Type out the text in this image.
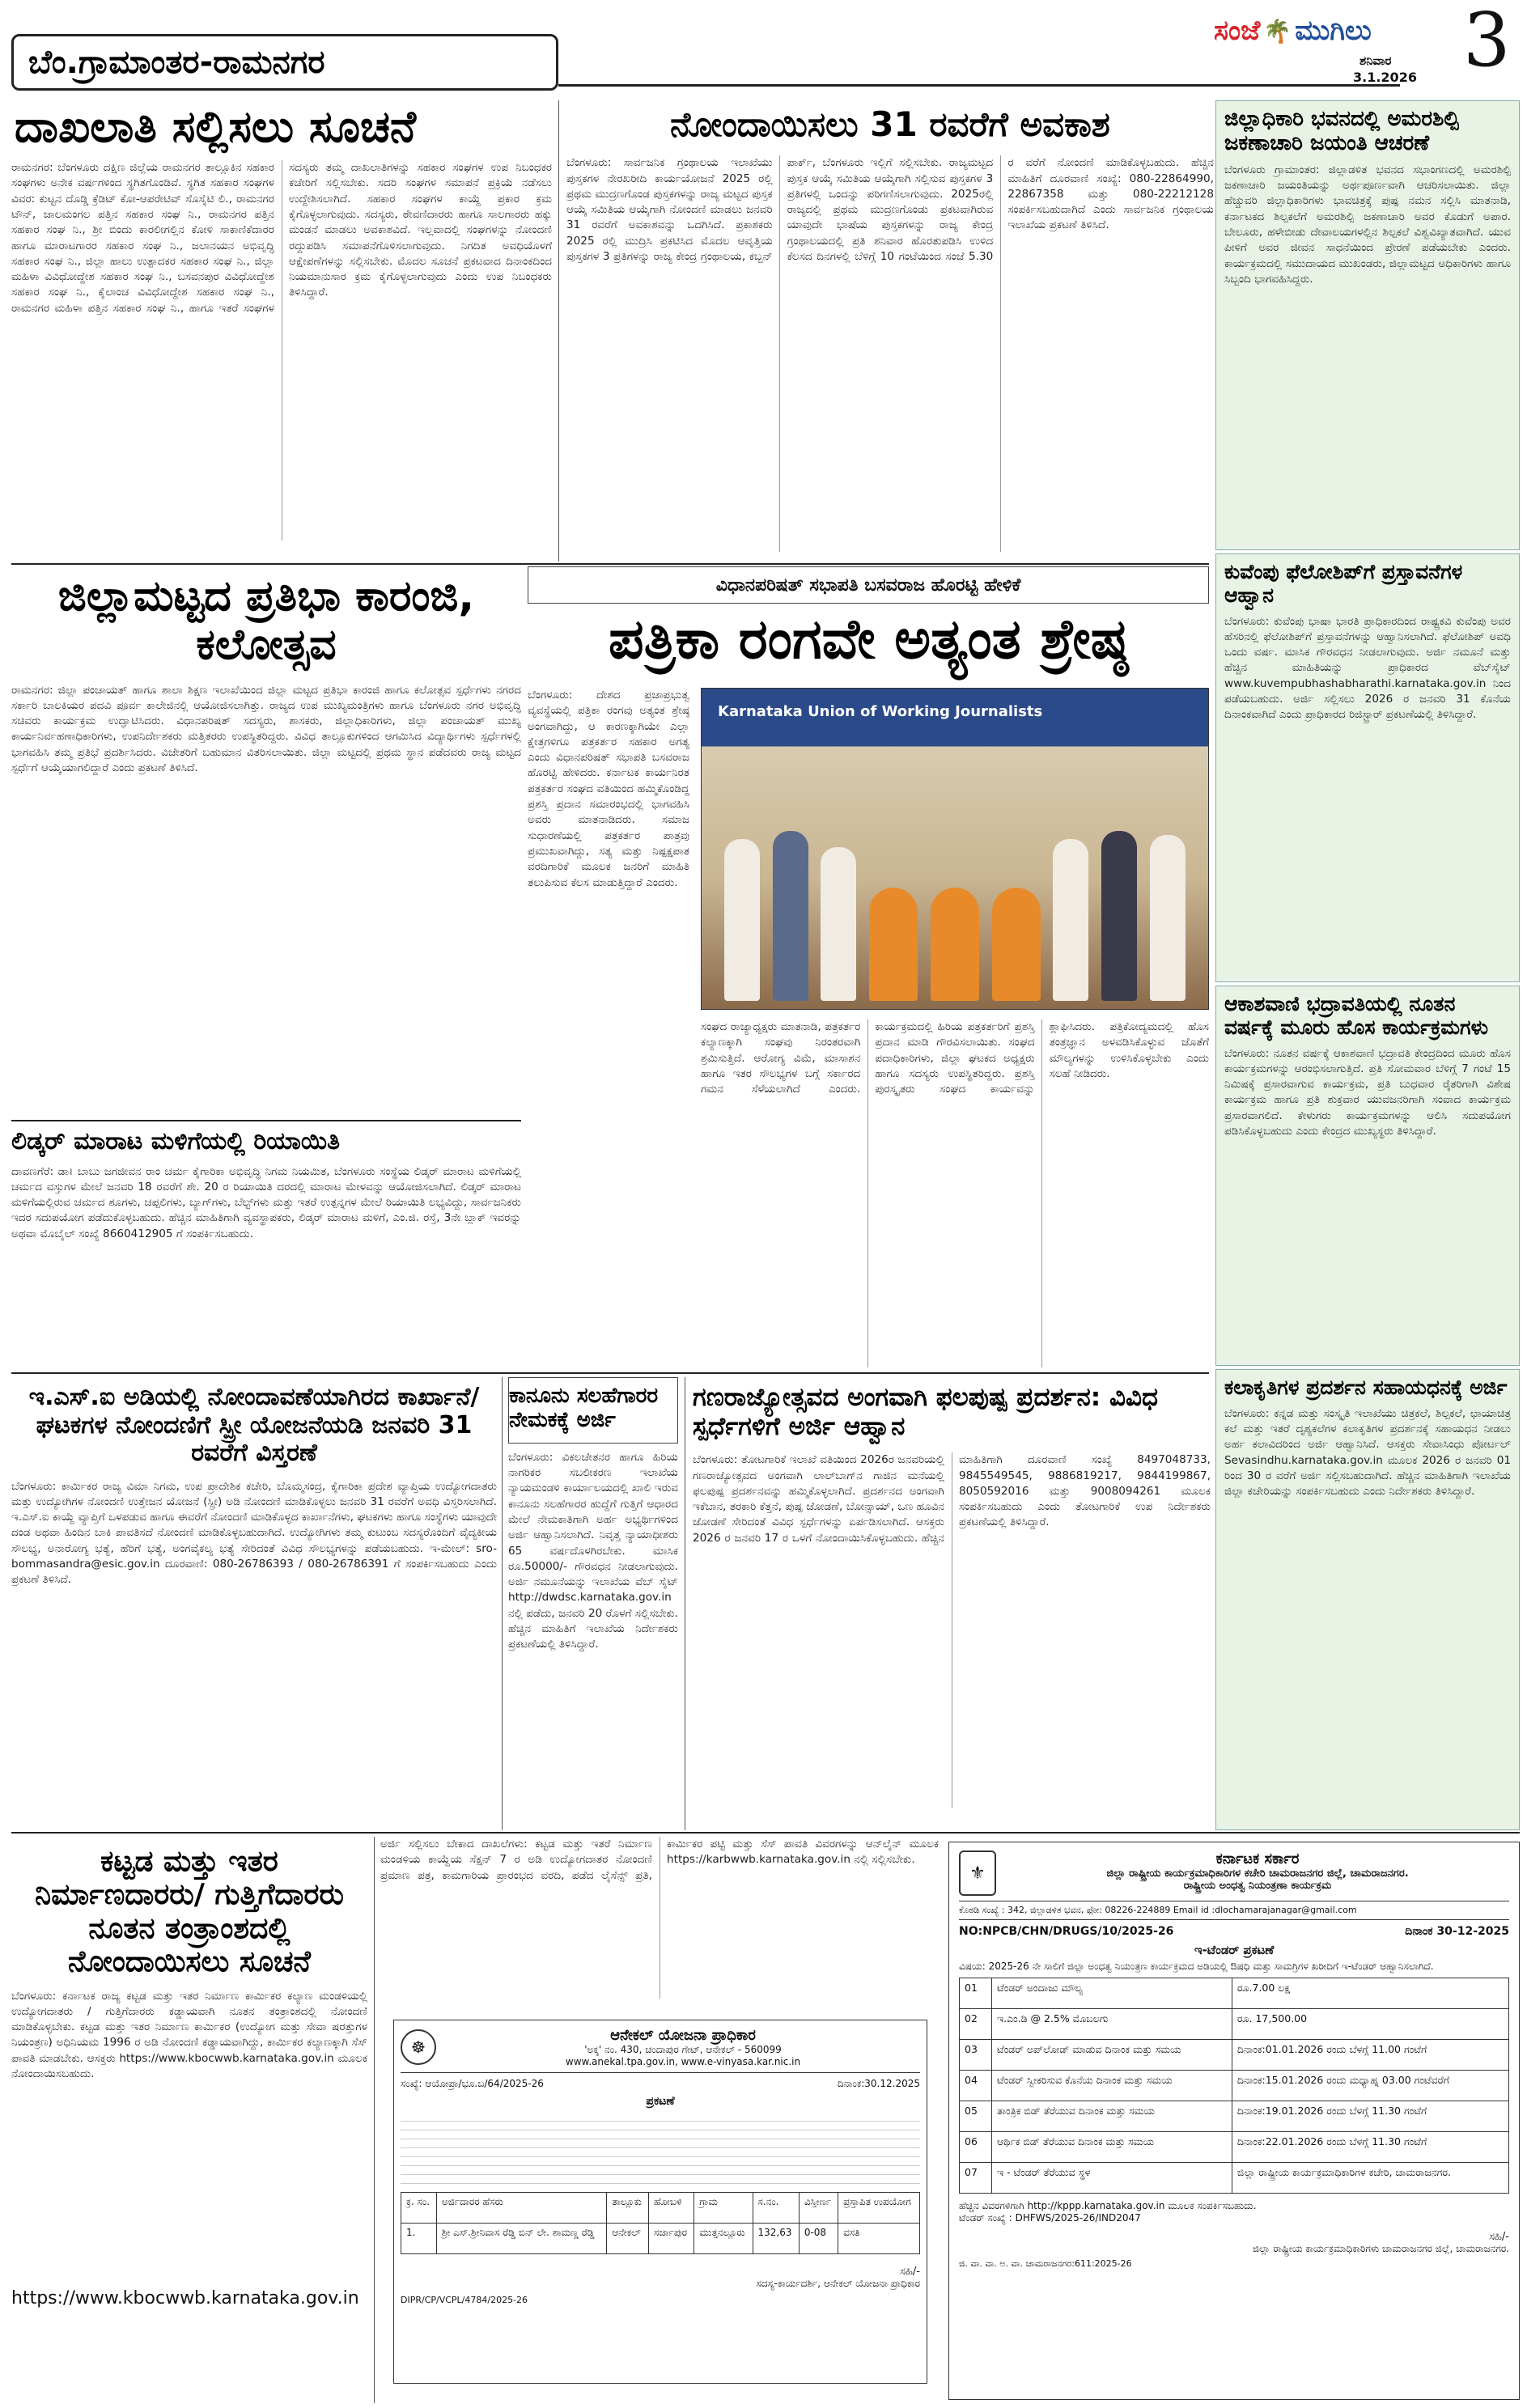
ಬೆಂ.ಗ್ರಾಮಾಂತರ-ರಾಮನಗರ
ಸಂಜೆ 🌴 ಮುಗಿಲು
ಶನಿವಾರ
3.1.2026 3
ದಾಖಲಾತಿ ಸಲ್ಲಿಸಲು ಸೂಚನೆ
ರಾಮನಗರ: ಬೆಂಗಳೂರು ದಕ್ಷಿಣ ಜಿಲ್ಲೆಯ ರಾಮನಗರ ತಾಲ್ಲೂಕಿನ ಸಹಕಾರ ಸಂಘಗಳು ಅನೇಕ ವರ್ಷಗಳಿಂದ ಸ್ಥಗಿತಗೊಂಡಿವೆ. ಸ್ಥಗಿತ ಸಹಕಾರ ಸಂಘಗಳ ವಿವರ: ಕುಟ್ಟನ ದೊಡ್ಡಿ ಕ್ರೆಡಿಟ್ ಕೋ-ಆಪರೇಟಿವ್ ಸೊಸೈಟಿ ಲಿ., ರಾಮನಗರ ಟೌನ್, ಜಾಲಮಂಗಲ ಪತ್ತಿನ ಸಹಕಾರ ಸಂಘ ನಿ., ರಾಮನಗರ ಪತ್ತಿನ ಸಹಕಾರ ಸಂಘ ನಿ., ಶ್ರೀ ಬಿಂದು ಕಾರಲೀಗಲ್ಲಿನ ಕೋಳಿ ಸಾಕಾಣಿಕೆದಾರರ ಹಾಗೂ ಮಾರಾಟಗಾರರ ಸಹಕಾರ ಸಂಘ ನಿ., ಜಲಾನಯನ ಅಭಿವೃದ್ಧಿ ಸಹಕಾರ ಸಂಘ ನಿ., ಜಿಲ್ಲಾ ಹಾಲು ಉತ್ಪಾದಕರ ಸಹಕಾರ ಸಂಘ ನಿ., ಜಿಲ್ಲಾ ಮಹಿಳಾ ವಿವಿಧೋದ್ದೇಶ ಸಹಕಾರ ಸಂಘ ನಿ., ಬಸವನಪುರ ವಿವಿಧೋದ್ದೇಶ ಸಹಕಾರ ಸಂಘ ನಿ., ಕೈಲಾಂಚ ವಿವಿಧೋದ್ದೇಶ ಸಹಕಾರ ಸಂಘ ನಿ., ರಾಮನಗರ ಮಹಿಳಾ ಪತ್ತಿನ ಸಹಕಾರ ಸಂಘ ನಿ., ಹಾಗೂ ಇತರೆ ಸಂಘಗಳ ಸದಸ್ಯರು ತಮ್ಮ ದಾಖಲಾತಿಗಳನ್ನು ಸಹಕಾರ ಸಂಘಗಳ ಉಪ ನಿಬಂಧಕರ ಕಚೇರಿಗೆ ಸಲ್ಲಿಸಬೇಕು. ಸದರಿ ಸಂಘಗಳ ಸಮಾಪನೆ ಪ್ರಕ್ರಿಯೆ ನಡೆಸಲು ಉದ್ದೇಶಿಸಲಾಗಿದೆ. ಸಹಕಾರ ಸಂಘಗಳ ಕಾಯ್ದೆ ಪ್ರಕಾರ ಕ್ರಮ ಕೈಗೊಳ್ಳಲಾಗುವುದು. ಸದಸ್ಯರು, ಠೇವಣಿದಾರರು ಹಾಗೂ ಸಾಲಗಾರರು ಹಕ್ಕು ಮಂಡನೆ ಮಾಡಲು ಅವಕಾಶವಿದೆ. ಇಲ್ಲವಾದಲ್ಲಿ ಸಂಘಗಳನ್ನು ನೋಂದಣಿ ರದ್ದುಪಡಿಸಿ ಸಮಾಪನೆಗೊಳಿಸಲಾಗುವುದು. ನಿಗದಿತ ಅವಧಿಯೊಳಗೆ ಆಕ್ಷೇಪಣೆಗಳನ್ನು ಸಲ್ಲಿಸಬೇಕು. ಮೊದಲ ಸೂಚನೆ ಪ್ರಕಟವಾದ ದಿನಾಂಕದಿಂದ ನಿಯಮಾನುಸಾರ ಕ್ರಮ ಕೈಗೊಳ್ಳಲಾಗುವುದು ಎಂದು ಉಪ ನಿಬಂಧಕರು ತಿಳಿಸಿದ್ದಾರೆ.
ನೋಂದಾಯಿಸಲು 31 ರವರೆಗೆ ಅವಕಾಶ
ಬೆಂಗಳೂರು: ಸಾರ್ವಜನಿಕ ಗ್ರಂಥಾಲಯ ಇಲಾಖೆಯು ಪುಸ್ತಕಗಳ ನೇರಖರೀದಿ ಕಾರ್ಯಯೋಜನೆ 2025 ರಲ್ಲಿ ಪ್ರಥಮ ಮುದ್ರಣಗೊಂಡ ಪುಸ್ತಕಗಳನ್ನು ರಾಜ್ಯ ಮಟ್ಟದ ಪುಸ್ತಕ ಆಯ್ಕೆ ಸಮಿತಿಯ ಆಯ್ಕೆಗಾಗಿ ನೋಂದಣಿ ಮಾಡಲು ಜನವರಿ 31 ರವರೆಗೆ ಅವಕಾಶವನ್ನು ಒದಗಿಸಿದೆ. ಪ್ರಕಾಶಕರು 2025 ರಲ್ಲಿ ಮುದ್ರಿಸಿ ಪ್ರಕಟಿಸಿದ ಮೊದಲ ಆವೃತ್ತಿಯ ಪುಸ್ತಕಗಳ 3 ಪ್ರತಿಗಳನ್ನು ರಾಜ್ಯ ಕೇಂದ್ರ ಗ್ರಂಥಾಲಯ, ಕಬ್ಬನ್ ಪಾರ್ಕ್, ಬೆಂಗಳೂರು ಇಲ್ಲಿಗೆ ಸಲ್ಲಿಸಬೇಕು. ರಾಜ್ಯಮಟ್ಟದ ಪುಸ್ತಕ ಆಯ್ಕೆ ಸಮಿತಿಯ ಆಯ್ಕೆಗಾಗಿ ಸಲ್ಲಿಸುವ ಪುಸ್ತಕಗಳ 3 ಪ್ರತಿಗಳಲ್ಲಿ ಒಂದನ್ನು ಪರಿಗಣಿಸಲಾಗುವುದು. 2025ರಲ್ಲಿ ರಾಜ್ಯದಲ್ಲಿ ಪ್ರಥಮ ಮುದ್ರಣಗೊಂಡು ಪ್ರಕಟವಾಗಿರುವ ಯಾವುದೇ ಭಾಷೆಯ ಪುಸ್ತಕಗಳನ್ನು ರಾಜ್ಯ ಕೇಂದ್ರ ಗ್ರಂಥಾಲಯದಲ್ಲಿ ಪ್ರತಿ ಶನಿವಾರ ಹೊರತುಪಡಿಸಿ ಉಳಿದ ಕೆಲಸದ ದಿನಗಳಲ್ಲಿ ಬೆಳಿಗ್ಗೆ 10 ಗಂಟೆಯಿಂದ ಸಂಜೆ 5.30 ರ ವರೆಗೆ ನೋಂದಣಿ ಮಾಡಿಕೊಳ್ಳಬಹುದು. ಹೆಚ್ಚಿನ ಮಾಹಿತಿಗೆ ದೂರವಾಣಿ ಸಂಖ್ಯೆ: 080-22864990, 22867358 ಮತ್ತು 080-22212128 ಸಂಪರ್ಕಿಸಬಹುದಾಗಿದೆ ಎಂದು ಸಾರ್ವಜನಿಕ ಗ್ರಂಥಾಲಯ ಇಲಾಖೆಯ ಪ್ರಕಟಣೆ ತಿಳಿಸಿದೆ.
ಜಿಲ್ಲಾಧಿಕಾರಿ ಭವನದಲ್ಲಿ ಅಮರಶಿಲ್ಪಿ ಜಕಣಾಚಾರಿ ಜಯಂತಿ ಆಚರಣೆ
ಬೆಂಗಳೂರು ಗ್ರಾಮಾಂತರ: ಜಿಲ್ಲಾಡಳಿತ ಭವನದ ಸಭಾಂಗಣದಲ್ಲಿ ಅಮರಶಿಲ್ಪಿ ಜಕಣಾಚಾರಿ ಜಯಂತಿಯನ್ನು ಅರ್ಥಪೂರ್ಣವಾಗಿ ಆಚರಿಸಲಾಯಿತು. ಜಿಲ್ಲಾ ಹೆಚ್ಚುವರಿ ಜಿಲ್ಲಾಧಿಕಾರಿಗಳು ಭಾವಚಿತ್ರಕ್ಕೆ ಪುಷ್ಪ ನಮನ ಸಲ್ಲಿಸಿ ಮಾತನಾಡಿ, ಕರ್ನಾಟಕದ ಶಿಲ್ಪಕಲೆಗೆ ಅಮರಶಿಲ್ಪಿ ಜಕಣಾಚಾರಿ ಅವರ ಕೊಡುಗೆ ಅಪಾರ. ಬೇಲೂರು, ಹಳೇಬೀಡು ದೇವಾಲಯಗಳಲ್ಲಿನ ಶಿಲ್ಪಕಲೆ ವಿಶ್ವವಿಖ್ಯಾತವಾಗಿದೆ. ಯುವ ಪೀಳಿಗೆ ಅವರ ಜೀವನ ಸಾಧನೆಯಿಂದ ಪ್ರೇರಣೆ ಪಡೆಯಬೇಕು ಎಂದರು. ಕಾರ್ಯಕ್ರಮದಲ್ಲಿ ಸಮುದಾಯದ ಮುಖಂಡರು, ಜಿಲ್ಲಾಮಟ್ಟದ ಅಧಿಕಾರಿಗಳು ಹಾಗೂ ಸಿಬ್ಬಂದಿ ಭಾಗವಹಿಸಿದ್ದರು.
ಜಿಲ್ಲಾಮಟ್ಟದ ಪ್ರತಿಭಾ ಕಾರಂಜಿ, ಕಲೋತ್ಸವ
ರಾಮನಗರ: ಜಿಲ್ಲಾ ಪಂಚಾಯತ್ ಹಾಗೂ ಶಾಲಾ ಶಿಕ್ಷಣ ಇಲಾಖೆಯಿಂದ ಜಿಲ್ಲಾ ಮಟ್ಟದ ಪ್ರತಿಭಾ ಕಾರಂಜಿ ಹಾಗೂ ಕಲೋತ್ಸವ ಸ್ಪರ್ಧೆಗಳು ನಗರದ ಸರ್ಕಾರಿ ಬಾಲಕಿಯರ ಪದವಿ ಪೂರ್ವ ಕಾಲೇಜಿನಲ್ಲಿ ಆಯೋಜಿಸಲಾಗಿತ್ತು. ರಾಜ್ಯದ ಉಪ ಮುಖ್ಯಮಂತ್ರಿಗಳು ಹಾಗೂ ಬೆಂಗಳೂರು ನಗರ ಅಭಿವೃದ್ಧಿ ಸಚಿವರು ಕಾರ್ಯಕ್ರಮ ಉದ್ಘಾಟಿಸಿದರು. ವಿಧಾನಪರಿಷತ್ ಸದಸ್ಯರು, ಶಾಸಕರು, ಜಿಲ್ಲಾಧಿಕಾರಿಗಳು, ಜಿಲ್ಲಾ ಪಂಚಾಯತ್ ಮುಖ್ಯ ಕಾರ್ಯನಿರ್ವಹಣಾಧಿಕಾರಿಗಳು, ಉಪನಿರ್ದೇಶಕರು ಮತ್ತಿತರರು ಉಪಸ್ಥಿತರಿದ್ದರು. ವಿವಿಧ ತಾಲ್ಲೂಕುಗಳಿಂದ ಆಗಮಿಸಿದ ವಿದ್ಯಾರ್ಥಿಗಳು ಸ್ಪರ್ಧೆಗಳಲ್ಲಿ ಭಾಗವಹಿಸಿ ತಮ್ಮ ಪ್ರತಿಭೆ ಪ್ರದರ್ಶಿಸಿದರು. ವಿಜೇತರಿಗೆ ಬಹುಮಾನ ವಿತರಿಸಲಾಯಿತು. ಜಿಲ್ಲಾ ಮಟ್ಟದಲ್ಲಿ ಪ್ರಥಮ ಸ್ಥಾನ ಪಡೆದವರು ರಾಜ್ಯ ಮಟ್ಟದ ಸ್ಪರ್ಧೆಗೆ ಆಯ್ಕೆಯಾಗಲಿದ್ದಾರೆ ಎಂದು ಪ್ರಕಟಣೆ ತಿಳಿಸಿದೆ.
ವಿಧಾನಪರಿಷತ್ ಸಭಾಪತಿ ಬಸವರಾಜ ಹೊರಟ್ಟಿ ಹೇಳಿಕೆ
ಪತ್ರಿಕಾ ರಂಗವೇ ಅತ್ಯಂತ ಶ್ರೇಷ್ಠ
ಬೆಂಗಳೂರು: ದೇಶದ ಪ್ರಜಾಪ್ರಭುತ್ವ ವ್ಯವಸ್ಥೆಯಲ್ಲಿ ಪತ್ರಿಕಾ ರಂಗವು ಅತ್ಯಂತ ಶ್ರೇಷ್ಠ ಅಂಗವಾಗಿದ್ದು, ಆ ಕಾರಣಕ್ಕಾಗಿಯೇ ಎಲ್ಲಾ ಕ್ಷೇತ್ರಗಳಿಗೂ ಪತ್ರಕರ್ತರ ಸಹಕಾರ ಅಗತ್ಯ ಎಂದು ವಿಧಾನಪರಿಷತ್ ಸಭಾಪತಿ ಬಸವರಾಜ ಹೊರಟ್ಟಿ ಹೇಳಿದರು. ಕರ್ನಾಟಕ ಕಾರ್ಯನಿರತ ಪತ್ರಕರ್ತರ ಸಂಘದ ವತಿಯಿಂದ ಹಮ್ಮಿಕೊಂಡಿದ್ದ ಪ್ರಶಸ್ತಿ ಪ್ರದಾನ ಸಮಾರಂಭದಲ್ಲಿ ಭಾಗವಹಿಸಿ ಅವರು ಮಾತನಾಡಿದರು. ಸಮಾಜ ಸುಧಾರಣೆಯಲ್ಲಿ ಪತ್ರಕರ್ತರ ಪಾತ್ರವು ಪ್ರಮುಖವಾಗಿದ್ದು, ಸತ್ಯ ಮತ್ತು ನಿಷ್ಪಕ್ಷಪಾತ ವರದಿಗಾರಿಕೆ ಮೂಲಕ ಜನರಿಗೆ ಮಾಹಿತಿ ತಲುಪಿಸುವ ಕೆಲಸ ಮಾಡುತ್ತಿದ್ದಾರೆ ಎಂದರು.
Karnataka Union of Working Journalists
ಸಂಘದ ರಾಜ್ಯಾಧ್ಯಕ್ಷರು ಮಾತನಾಡಿ, ಪತ್ರಕರ್ತರ ಕಲ್ಯಾಣಕ್ಕಾಗಿ ಸಂಘವು ನಿರಂತರವಾಗಿ ಶ್ರಮಿಸುತ್ತಿದೆ. ಆರೋಗ್ಯ ವಿಮೆ, ಮಾಸಾಶನ ಹಾಗೂ ಇತರ ಸೌಲಭ್ಯಗಳ ಬಗ್ಗೆ ಸರ್ಕಾರದ ಗಮನ ಸೆಳೆಯಲಾಗಿದೆ ಎಂದರು. ಕಾರ್ಯಕ್ರಮದಲ್ಲಿ ಹಿರಿಯ ಪತ್ರಕರ್ತರಿಗೆ ಪ್ರಶಸ್ತಿ ಪ್ರದಾನ ಮಾಡಿ ಗೌರವಿಸಲಾಯಿತು. ಸಂಘದ ಪದಾಧಿಕಾರಿಗಳು, ಜಿಲ್ಲಾ ಘಟಕದ ಅಧ್ಯಕ್ಷರು ಹಾಗೂ ಸದಸ್ಯರು ಉಪಸ್ಥಿತರಿದ್ದರು. ಪ್ರಶಸ್ತಿ ಪುರಸ್ಕೃತರು ಸಂಘದ ಕಾರ್ಯವನ್ನು ಶ್ಲಾಘಿಸಿದರು. ಪತ್ರಿಕೋದ್ಯಮದಲ್ಲಿ ಹೊಸ ತಂತ್ರಜ್ಞಾನ ಅಳವಡಿಸಿಕೊಳ್ಳುವ ಜೊತೆಗೆ ಮೌಲ್ಯಗಳನ್ನು ಉಳಿಸಿಕೊಳ್ಳಬೇಕು ಎಂದು ಸಲಹೆ ನೀಡಿದರು.
ಕುವೆಂಪು ಫೆಲೋಶಿಪ್‌ಗೆ ಪ್ರಸ್ತಾವನೆಗಳ ಆಹ್ವಾನ
ಬೆಂಗಳೂರು: ಕುವೆಂಪು ಭಾಷಾ ಭಾರತಿ ಪ್ರಾಧಿಕಾರದಿಂದ ರಾಷ್ಟ್ರಕವಿ ಕುವೆಂಪು ಅವರ ಹೆಸರಿನಲ್ಲಿ ಫೆಲೋಶಿಪ್‌ಗೆ ಪ್ರಸ್ತಾವನೆಗಳನ್ನು ಆಹ್ವಾನಿಸಲಾಗಿದೆ. ಫೆಲೋಶಿಪ್ ಅವಧಿ ಒಂದು ವರ್ಷ. ಮಾಸಿಕ ಗೌರವಧನ ನೀಡಲಾಗುವುದು. ಅರ್ಜಿ ನಮೂನೆ ಮತ್ತು ಹೆಚ್ಚಿನ ಮಾಹಿತಿಯನ್ನು ಪ್ರಾಧಿಕಾರದ ವೆಬ್‌ಸೈಟ್ www.kuvempubhashabharathi.karnataka.gov.in ನಿಂದ ಪಡೆಯಬಹುದು. ಅರ್ಜಿ ಸಲ್ಲಿಸಲು 2026 ರ ಜನವರಿ 31 ಕೊನೆಯ ದಿನಾಂಕವಾಗಿದೆ ಎಂದು ಪ್ರಾಧಿಕಾರದ ರಿಜಿಸ್ಟ್ರಾರ್ ಪ್ರಕಟಣೆಯಲ್ಲಿ ತಿಳಿಸಿದ್ದಾರೆ.
ಲಿಡ್ಕರ್ ಮಾರಾಟ ಮಳಿಗೆಯಲ್ಲಿ ರಿಯಾಯಿತಿ
ದಾವಣಗೆರೆ: ಡಾ। ಬಾಬು ಜಗಜೀವನ ರಾಂ ಚರ್ಮ ಕೈಗಾರಿಕಾ ಅಭಿವೃದ್ಧಿ ನಿಗಮ ನಿಯಮಿತ, ಬೆಂಗಳೂರು ಸಂಸ್ಥೆಯ ಲಿಡ್ಕರ್ ಮಾರಾಟ ಮಳಿಗೆಯಲ್ಲಿ ಚರ್ಮದ ವಸ್ತುಗಳ ಮೇಲೆ ಜನವರಿ 18 ರವರೆಗೆ ಶೇ. 20 ರ ರಿಯಾಯಿತಿ ದರದಲ್ಲಿ ಮಾರಾಟ ಮೇಳವನ್ನು ಆಯೋಜಿಸಲಾಗಿದೆ. ಲಿಡ್ಕರ್ ಮಾರಾಟ ಮಳಿಗೆಯಲ್ಲಿರುವ ಚರ್ಮದ ಶೂಗಳು, ಚಪ್ಪಲಿಗಳು, ಬ್ಯಾಗ್‌ಗಳು, ಬೆಲ್ಟ್‌ಗಳು ಮತ್ತು ಇತರೆ ಉತ್ಪನ್ನಗಳ ಮೇಲೆ ರಿಯಾಯಿತಿ ಲಭ್ಯವಿದ್ದು, ಸಾರ್ವಜನಿಕರು ಇದರ ಸದುಪಯೋಗ ಪಡೆದುಕೊಳ್ಳಬಹುದು. ಹೆಚ್ಚಿನ ಮಾಹಿತಿಗಾಗಿ ವ್ಯವಸ್ಥಾಪಕರು, ಲಿಡ್ಕರ್ ಮಾರಾಟ ಮಳಿಗೆ, ಎಂ.ಜಿ. ರಸ್ತೆ, 3ನೇ ಬ್ಲಾಕ್ ಇವರನ್ನು ಅಥವಾ ಮೊಬೈಲ್ ಸಂಖ್ಯೆ 8660412905 ಗೆ ಸಂಪರ್ಕಿಸಬಹುದು.
ಆಕಾಶವಾಣಿ ಭದ್ರಾವತಿಯಲ್ಲಿ ನೂತನ ವರ್ಷಕ್ಕೆ ಮೂರು ಹೊಸ ಕಾರ್ಯಕ್ರಮಗಳು
ಬೆಂಗಳೂರು: ನೂತನ ವರ್ಷಕ್ಕೆ ಆಕಾಶವಾಣಿ ಭದ್ರಾವತಿ ಕೇಂದ್ರದಿಂದ ಮೂರು ಹೊಸ ಕಾರ್ಯಕ್ರಮಗಳನ್ನು ಆರಂಭಿಸಲಾಗುತ್ತಿದೆ. ಪ್ರತಿ ಸೋಮವಾರ ಬೆಳಿಗ್ಗೆ 7 ಗಂಟೆ 15 ನಿಮಿಷಕ್ಕೆ ಪ್ರಸಾರವಾಗುವ ಕಾರ್ಯಕ್ರಮ, ಪ್ರತಿ ಬುಧವಾರ ರೈತರಿಗಾಗಿ ವಿಶೇಷ ಕಾರ್ಯಕ್ರಮ ಹಾಗೂ ಪ್ರತಿ ಶುಕ್ರವಾರ ಯುವಜನರಿಗಾಗಿ ಸಂವಾದ ಕಾರ್ಯಕ್ರಮ ಪ್ರಸಾರವಾಗಲಿದೆ. ಕೇಳುಗರು ಕಾರ್ಯಕ್ರಮಗಳನ್ನು ಆಲಿಸಿ ಸದುಪಯೋಗ ಪಡಿಸಿಕೊಳ್ಳಬಹುದು ಎಂದು ಕೇಂದ್ರದ ಮುಖ್ಯಸ್ಥರು ತಿಳಿಸಿದ್ದಾರೆ.
ಇ.ಎಸ್.ಐ ಅಡಿಯಲ್ಲಿ ನೋಂದಾವಣೆಯಾಗಿರದ ಕಾರ್ಖಾನೆ/ ಘಟಕಗಳ ನೋಂದಣಿಗೆ ಸ್ಪ್ರೀ ಯೋಜನೆಯಡಿ ಜನವರಿ 31 ರವರೆಗೆ ವಿಸ್ತರಣೆ
ಬೆಂಗಳೂರು: ಕಾರ್ಮಿಕರ ರಾಜ್ಯ ವಿಮಾ ನಿಗಮ, ಉಪ ಪ್ರಾದೇಶಿಕ ಕಚೇರಿ, ಬೊಮ್ಮಸಂದ್ರ, ಕೈಗಾರಿಕಾ ಪ್ರದೇಶ ವ್ಯಾಪ್ತಿಯ ಉದ್ಯೋಗದಾತರು ಮತ್ತು ಉದ್ಯೋಗಿಗಳ ನೋಂದಣಿ ಉತ್ತೇಜನ ಯೋಜನೆ (ಸ್ಪ್ರೀ) ಅಡಿ ನೋಂದಣಿ ಮಾಡಿಕೊಳ್ಳಲು ಜನವರಿ 31 ರವರೆಗೆ ಅವಧಿ ವಿಸ್ತರಿಸಲಾಗಿದೆ. ಇ.ಎಸ್.ಐ ಕಾಯ್ದೆ ವ್ಯಾಪ್ತಿಗೆ ಒಳಪಡುವ ಹಾಗೂ ಈವರೆಗೆ ನೋಂದಣಿ ಮಾಡಿಕೊಳ್ಳದ ಕಾರ್ಖಾನೆಗಳು, ಘಟಕಗಳು ಹಾಗೂ ಸಂಸ್ಥೆಗಳು ಯಾವುದೇ ದಂಡ ಅಥವಾ ಹಿಂದಿನ ಬಾಕಿ ಪಾವತಿಸದೆ ನೋಂದಣಿ ಮಾಡಿಕೊಳ್ಳಬಹುದಾಗಿದೆ. ಉದ್ಯೋಗಿಗಳು ತಮ್ಮ ಕುಟುಂಬ ಸದಸ್ಯರೊಂದಿಗೆ ವೈದ್ಯಕೀಯ ಸೌಲಭ್ಯ, ಅನಾರೋಗ್ಯ ಭತ್ಯೆ, ಹೆರಿಗೆ ಭತ್ಯೆ, ಅಂಗವೈಕಲ್ಯ ಭತ್ಯೆ ಸೇರಿದಂತೆ ವಿವಿಧ ಸೌಲಭ್ಯಗಳನ್ನು ಪಡೆಯಬಹುದು. ಇ-ಮೇಲ್: sro-bommasandra@esic.gov.in ದೂರವಾಣಿ: 080-26786393 / 080-26786391 ಗೆ ಸಂಪರ್ಕಿಸಬಹುದು ಎಂದು ಪ್ರಕಟಣೆ ತಿಳಿಸಿದೆ.
ಕಾನೂನು ಸಲಹೆಗಾರರ ನೇಮಕಕ್ಕೆ ಅರ್ಜಿ
ಬೆಂಗಳೂರು: ವಿಕಲಚೇತನರ ಹಾಗೂ ಹಿರಿಯ ನಾಗರಿಕರ ಸಬಲೀಕರಣ ಇಲಾಖೆಯ ನ್ಯಾಯಮಂಡಳಿ ಕಾರ್ಯಾಲಯದಲ್ಲಿ ಖಾಲಿ ಇರುವ ಕಾನೂನು ಸಲಹೆಗಾರರ ಹುದ್ದೆಗೆ ಗುತ್ತಿಗೆ ಆಧಾರದ ಮೇಲೆ ನೇಮಕಾತಿಗಾಗಿ ಅರ್ಹ ಅಭ್ಯರ್ಥಿಗಳಿಂದ ಅರ್ಜಿ ಆಹ್ವಾನಿಸಲಾಗಿದೆ. ನಿವೃತ್ತ ನ್ಯಾಯಾಧೀಶರು 65 ವರ್ಷದೊಳಗಿರಬೇಕು. ಮಾಸಿಕ ರೂ.50000/- ಗೌರವಧನ ನೀಡಲಾಗುವುದು. ಅರ್ಜಿ ನಮೂನೆಯನ್ನು ಇಲಾಖೆಯ ವೆಬ್ ಸೈಟ್ http://dwdsc.karnataka.gov.in ನಲ್ಲಿ ಪಡೆದು, ಜನವರಿ 20 ರೊಳಗೆ ಸಲ್ಲಿಸಬೇಕು. ಹೆಚ್ಚಿನ ಮಾಹಿತಿಗೆ ಇಲಾಖೆಯ ನಿರ್ದೇಶಕರು ಪ್ರಕಟಣೆಯಲ್ಲಿ ತಿಳಿಸಿದ್ದಾರೆ.
ಗಣರಾಜ್ಯೋತ್ಸವದ ಅಂಗವಾಗಿ ಫಲಪುಷ್ಪ ಪ್ರದರ್ಶನ: ವಿವಿಧ ಸ್ಪರ್ಧೆಗಳಿಗೆ ಅರ್ಜಿ ಆಹ್ವಾನ
ಬೆಂಗಳೂರು: ತೋಟಗಾರಿಕೆ ಇಲಾಖೆ ವತಿಯಿಂದ 2026ರ ಜನವರಿಯಲ್ಲಿ ಗಣರಾಜ್ಯೋತ್ಸವದ ಅಂಗವಾಗಿ ಲಾಲ್‌ಬಾಗ್‌ನ ಗಾಜಿನ ಮನೆಯಲ್ಲಿ ಫಲಪುಷ್ಪ ಪ್ರದರ್ಶನವನ್ನು ಹಮ್ಮಿಕೊಳ್ಳಲಾಗಿದೆ. ಪ್ರದರ್ಶನದ ಅಂಗವಾಗಿ ಇಕೆಬಾನ, ತರಕಾರಿ ಕೆತ್ತನೆ, ಪುಷ್ಪ ಜೋಡಣೆ, ಬೋನ್ಸಾಯ್, ಒಣ ಹೂವಿನ ಜೋಡಣೆ ಸೇರಿದಂತೆ ವಿವಿಧ ಸ್ಪರ್ಧೆಗಳನ್ನು ಏರ್ಪಡಿಸಲಾಗಿದೆ. ಆಸಕ್ತರು 2026 ರ ಜನವರಿ 17 ರ ಒಳಗೆ ನೋಂದಾಯಿಸಿಕೊಳ್ಳಬಹುದು. ಹೆಚ್ಚಿನ ಮಾಹಿತಿಗಾಗಿ ದೂರವಾಣಿ ಸಂಖ್ಯೆ 8497048733, 9845549545, 9886819217, 9844199867, 8050592016 ಮತ್ತು 9008094261 ಮೂಲಕ ಸಂಪರ್ಕಿಸಬಹುದು ಎಂದು ತೋಟಗಾರಿಕೆ ಉಪ ನಿರ್ದೇಶಕರು ಪ್ರಕಟಣೆಯಲ್ಲಿ ತಿಳಿಸಿದ್ದಾರೆ.
ಕಲಾಕೃತಿಗಳ ಪ್ರದರ್ಶನ ಸಹಾಯಧನಕ್ಕೆ ಅರ್ಜಿ
ಬೆಂಗಳೂರು: ಕನ್ನಡ ಮತ್ತು ಸಂಸ್ಕೃತಿ ಇಲಾಖೆಯು ಚಿತ್ರಕಲೆ, ಶಿಲ್ಪಕಲೆ, ಛಾಯಾಚಿತ್ರ ಕಲೆ ಮತ್ತು ಇತರೆ ದೃಶ್ಯಕಲೆಗಳ ಕಲಾಕೃತಿಗಳ ಪ್ರದರ್ಶನಕ್ಕೆ ಸಹಾಯಧನ ನೀಡಲು ಅರ್ಹ ಕಲಾವಿದರಿಂದ ಅರ್ಜಿ ಆಹ್ವಾನಿಸಿದೆ. ಆಸಕ್ತರು ಸೇವಾಸಿಂಧು ಪೋರ್ಟಲ್ Sevasindhu.karnataka.gov.in ಮೂಲಕ 2026 ರ ಜನವರಿ 01 ರಿಂದ 30 ರ ವರೆಗೆ ಅರ್ಜಿ ಸಲ್ಲಿಸಬಹುದಾಗಿದೆ. ಹೆಚ್ಚಿನ ಮಾಹಿತಿಗಾಗಿ ಇಲಾಖೆಯ ಜಿಲ್ಲಾ ಕಚೇರಿಯನ್ನು ಸಂಪರ್ಕಿಸಬಹುದು ಎಂದು ನಿರ್ದೇಶಕರು ತಿಳಿಸಿದ್ದಾರೆ.
ಕಟ್ಟಡ ಮತ್ತು ಇತರ ನಿರ್ಮಾಣದಾರರು/ ಗುತ್ತಿಗೆದಾರರು ನೂತನ ತಂತ್ರಾಂಶದಲ್ಲಿ ನೋಂದಾಯಿಸಲು ಸೂಚನೆ
ಬೆಂಗಳೂರು: ಕರ್ನಾಟಕ ರಾಜ್ಯ ಕಟ್ಟಡ ಮತ್ತು ಇತರ ನಿರ್ಮಾಣ ಕಾರ್ಮಿಕರ ಕಲ್ಯಾಣ ಮಂಡಳಿಯಲ್ಲಿ ಉದ್ಯೋಗದಾತರು / ಗುತ್ತಿಗೆದಾರರು ಕಡ್ಡಾಯವಾಗಿ ನೂತನ ತಂತ್ರಾಂಶದಲ್ಲಿ ನೋಂದಣಿ ಮಾಡಿಕೊಳ್ಳಬೇಕು. ಕಟ್ಟಡ ಮತ್ತು ಇತರ ನಿರ್ಮಾಣ ಕಾರ್ಮಿಕರ (ಉದ್ಯೋಗ ಮತ್ತು ಸೇವಾ ಷರತ್ತುಗಳ ನಿಯಂತ್ರಣ) ಅಧಿನಿಯಮ 1996 ರ ಅಡಿ ನೋಂದಣಿ ಕಡ್ಡಾಯವಾಗಿದ್ದು, ಕಾರ್ಮಿಕರ ಕಲ್ಯಾಣಕ್ಕಾಗಿ ಸೆಸ್ ಪಾವತಿ ಮಾಡಬೇಕು. ಆಸಕ್ತರು https://www.kbocwwb.karnataka.gov.in ಮೂಲಕ ನೋಂದಾಯಿಸಬಹುದು.
https://www.kbocwwb.karnataka.gov.in
ಅರ್ಜಿ ಸಲ್ಲಿಸಲು ಬೇಕಾದ ದಾಖಲೆಗಳು: ಕಟ್ಟಡ ಮತ್ತು ಇತರೆ ನಿರ್ಮಾಣ ಮಂಡಳಿಯ ಕಾಯ್ದೆಯ ಸೆಕ್ಷನ್ 7 ರ ಅಡಿ ಉದ್ಯೋಗದಾತರ ನೋಂದಣಿ ಪ್ರಮಾಣ ಪತ್ರ, ಕಾಮಗಾರಿಯ ಪ್ರಾರಂಭದ ವರದಿ, ಪಡೆದ ಲೈಸೆನ್ಸ್ ಪ್ರತಿ, ಕಾರ್ಮಿಕರ ಪಟ್ಟಿ ಮತ್ತು ಸೆಸ್ ಪಾವತಿ ವಿವರಗಳನ್ನು ಆನ್‌ಲೈನ್ ಮೂಲಕ https://karbwwb.karnataka.gov.in ನಲ್ಲಿ ಸಲ್ಲಿಸಬೇಕು.
☸
ಆನೇಕಲ್ ಯೋಜನಾ ಪ್ರಾಧಿಕಾರ
'ಅಕ್ಕ' ನಂ. 430, ಚಂದಾಪುರ ಗೇಟ್, ಆನೇಕಲ್ - 560099
www.anekal.tpa.gov.in, www.e-vinyasa.kar.nic.in
ಸಂಖ್ಯೆ: ಆಯೋಪ್ರಾ/ಭೂ.ಬ/64/2025-26	ದಿನಾಂಕ:30.12.2025
ಪ್ರಕಟಣೆ
ಕ್ರ. ಸಂ.	ಅರ್ಜಿದಾರರ ಹೆಸರು	ತಾಲ್ಲೂಕು	ಹೋಬಳಿ	ಗ್ರಾಮ	ಸ.ನಂ.	ವಿಸ್ತೀರ್ಣ	ಪ್ರಸ್ತಾಪಿತ ಉಪಯೋಗ
1.	ಶ್ರೀ ಎಸ್.ಶ್ರೀನಿವಾಸ ರೆಡ್ಡಿ ಬಿನ್ ಲೇ. ಶಾಮಣ್ಣ ರೆಡ್ಡಿ	ಆನೇಕಲ್	ಸರ್ಜಾಪುರ	ಮುತ್ತನಲ್ಲೂರು	132,63	0-08	ವಸತಿ
ಸಹಿ/-
ಸದಸ್ಯ-ಕಾರ್ಯದರ್ಶಿ, ಆನೇಕಲ್ ಯೋಜನಾ ಪ್ರಾಧಿಕಾರ
DIPR/CP/VCPL/4784/2025-26
⚜
ಕರ್ನಾಟಕ ಸರ್ಕಾರ
ಜಿಲ್ಲಾ ರಾಷ್ಟ್ರೀಯ ಕಾರ್ಯಕ್ರಮಾಧಿಕಾರಿಗಳ ಕಚೇರಿ ಚಾಮರಾಜನಗರ ಜಿಲ್ಲೆ, ಚಾಮರಾಜನಗರ.
ರಾಷ್ಟ್ರೀಯ ಅಂಧತ್ವ ನಿಯಂತ್ರಣಾ ಕಾರ್ಯಕ್ರಮ
ಕೊಠಡಿ ಸಂಖ್ಯೆ : 342, ಜಿಲ್ಲಾಡಳಿತ ಭವನ, ಫೋ: 08226-224889 Email id :dlochamarajanagar@gmail.com
NO:NPCB/CHN/DRUGS/10/2025-26	ದಿನಾಂಕ 30-12-2025
ಇ-ಟೆಂಡರ್ ಪ್ರಕಟಣೆ
ವಿಷಯ: 2025-26 ನೇ ಸಾಲಿಗೆ ಜಿಲ್ಲಾ ಅಂಧತ್ವ ನಿಯಂತ್ರಣ ಕಾರ್ಯಕ್ರಮದ ಅಡಿಯಲ್ಲಿ ಔಷಧಿ ಮತ್ತು ಸಾಮಗ್ರಿಗಳ ಖರೀದಿಗೆ ಇ-ಟೆಂಡರ್ ಆಹ್ವಾನಿಸಲಾಗಿದೆ.
01	ಟೆಂಡರ್ ಅಂದಾಜು ಮೌಲ್ಯ	ರೂ.7.00 ಲಕ್ಷ
02	ಇ.ಎಂ.ಡಿ @ 2.5% ಮೊಬಲಗು	ರೂ. 17,500.00
03	ಟೆಂಡರ್ ಅಪ್‌ಲೋಡ್ ಮಾಡುವ ದಿನಾಂಕ ಮತ್ತು ಸಮಯ	ದಿನಾಂಕ:01.01.2026 ರಂದು ಬೆಳಗ್ಗೆ 11.00 ಗಂಟೆಗೆ
04	ಟೆಂಡರ್ ಸ್ವೀಕರಿಸುವ ಕೊನೆಯ ದಿನಾಂಕ ಮತ್ತು ಸಮಯ	ದಿನಾಂಕ:15.01.2026 ರಂದು ಮಧ್ಯಾಹ್ನ 03.00 ಗಂಟೆವರೆಗೆ
05	ತಾಂತ್ರಿಕ ಬಿಡ್ ತೆರೆಯುವ ದಿನಾಂಕ ಮತ್ತು ಸಮಯ	ದಿನಾಂಕ:19.01.2026 ರಂದು ಬೆಳಗ್ಗೆ 11.30 ಗಂಟೆಗೆ
06	ಆರ್ಥಿಕ ಬಿಡ್ ತೆರೆಯುವ ದಿನಾಂಕ ಮತ್ತು ಸಮಯ	ದಿನಾಂಕ:22.01.2026 ರಂದು ಬೆಳಗ್ಗೆ 11.30 ಗಂಟೆಗೆ
07	ಇ - ಟೆಂಡರ್ ತೆರೆಯುವ ಸ್ಥಳ	ಜಿಲ್ಲಾ ರಾಷ್ಟ್ರೀಯ ಕಾರ್ಯಕ್ರಮಾಧಿಕಾರಿಗಳ ಕಚೇರಿ, ಚಾಮರಾಜನಗರ.
ಹೆಚ್ಚಿನ ವಿವರಗಳಿಗಾಗಿ http://kppp.karnataka.gov.in ಮೂಲಕ ಸಂಪರ್ಕಿಸಬಹುದು.
ಟೆಂಡರ್ ಸಂಖ್ಯೆ : DHFWS/2025-26/IND2047
ಸಹಿ/-
ಜಿಲ್ಲಾ ರಾಷ್ಟ್ರೀಯ ಕಾರ್ಯಕ್ರಮಾಧಿಕಾರಿಗಳು ಚಾಮರಾಜನಗರ ಜಿಲ್ಲೆ, ಚಾಮರಾಜನಗರ.
ಜಿ. ವಾ. ವಾ. ಅ. ವಾ. ಚಾಮರಾಜನಗರ:611:2025-26
